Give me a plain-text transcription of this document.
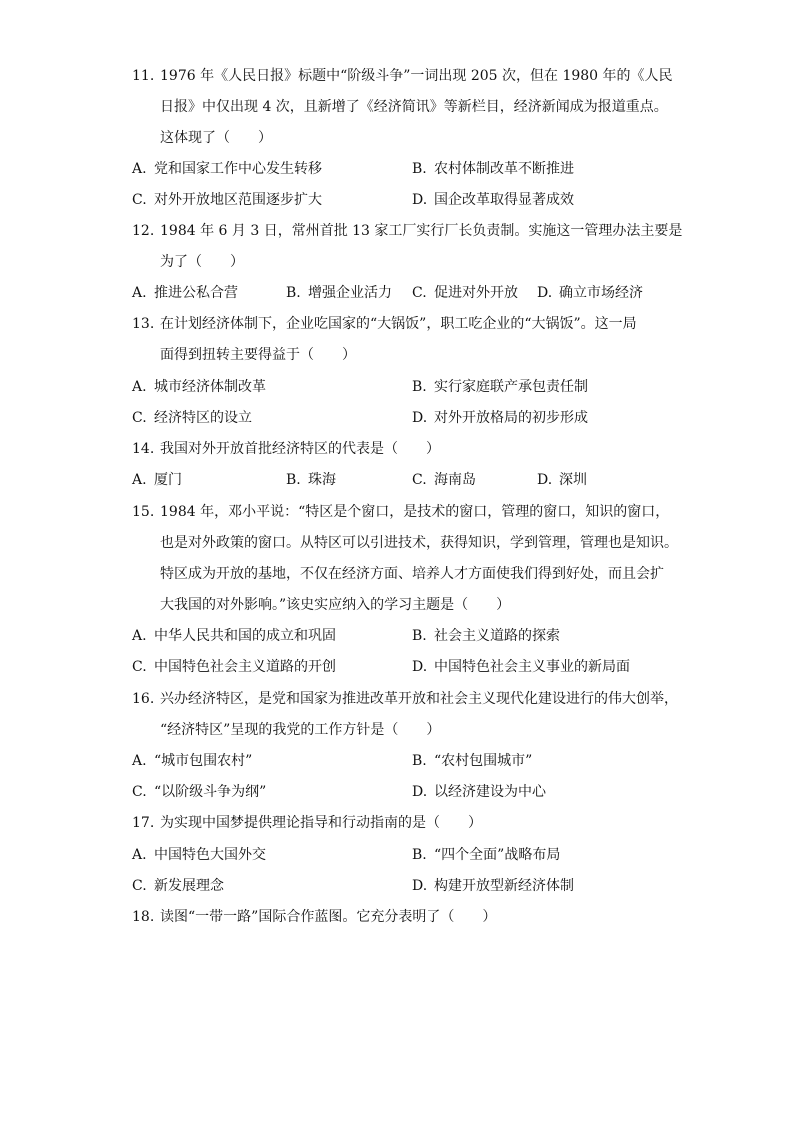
11. 1976 年《人民日报》标题中“阶级斗争”一词出现 205 次，但在 1980 年的《人民
日报》中仅出现 4 次，且新增了《经济简讯》等新栏目，经济新闻成为报道重点。
这体现了（　　）
A. 党和国家工作中心发生转移	B. 农村体制改革不断推进
C. 对外开放地区范围逐步扩大	D. 国企改革取得显著成效
12. 1984 年 6 月 3 日，常州首批 13 家工厂实行厂长负责制。实施这一管理办法主要是
为了（　　）
A. 推进公私合营	B. 增强企业活力 C. 促进对外开放 D. 确立市场经济
13. 在计划经济体制下，企业吃国家的“大锅饭”，职工吃企业的“大锅饭”。这一局
面得到扭转主要得益于（　　）
A. 城市经济体制改革	B. 实行家庭联产承包责任制
C. 经济特区的设立	D. 对外开放格局的初步形成
14. 我国对外开放首批经济特区的代表是（　　）
A. 厦门	B. 珠海	C. 海南岛	D. 深圳
15. 1984 年，邓小平说：“特区是个窗口，是技术的窗口，管理的窗口，知识的窗口，
也是对外政策的窗口。从特区可以引进技术，获得知识，学到管理，管理也是知识。
特区成为开放的基地，不仅在经济方面、培养人才方面使我们得到好处，而且会扩
大我国的对外影响。”该史实应纳入的学习主题是（　　）
A. 中华人民共和国的成立和巩固	B. 社会主义道路的探索
C. 中国特色社会主义道路的开创	D. 中国特色社会主义事业的新局面
16. 兴办经济特区，是党和国家为推进改革开放和社会主义现代化建设进行的伟大创举，
“经济特区”呈现的我党的工作方针是（　　）
A. “城市包围农村”	B. “农村包围城市”
C. “以阶级斗争为纲”	D. 以经济建设为中心
17. 为实现中国梦提供理论指导和行动指南的是（　　）
A. 中国特色大国外交	B. “四个全面”战略布局
C. 新发展理念	D. 构建开放型新经济体制
18. 读图“一带一路”国际合作蓝图。它充分表明了（　　）
